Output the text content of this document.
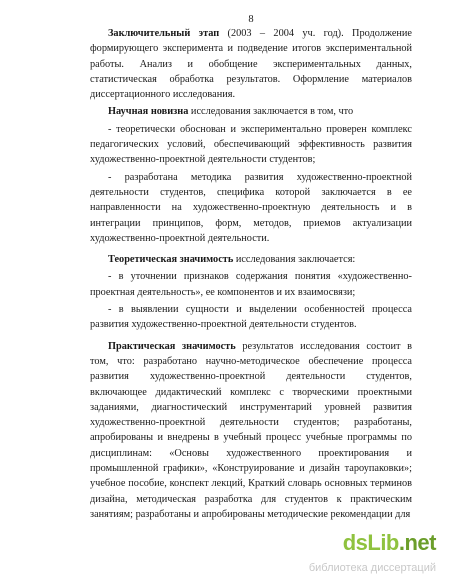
8

Заключительный этап (2003 – 2004 уч. год). Продолжение формирующего эксперимента и подведение итогов экспериментальной работы. Анализ и обобщение экспериментальных данных, статистическая обработка результатов. Оформление материалов диссертационного исследования.

Научная новизна исследования заключается в том, что

- теоретически обоснован и экспериментально проверен комплекс педагогических условий, обеспечивающий эффективность развития художественно-проектной деятельности студентов;

- разработана методика развития художественно-проектной деятельности студентов, специфика которой заключается в ее направленности на художественно-проектную деятельность и в интеграции принципов, форм, методов, приемов актуализации художественно-проектной деятельности.

Теоретическая значимость исследования заключается:

- в уточнении признаков содержания понятия «художественно-проектная деятельность», ее компонентов и их взаимосвязи;

- в выявлении сущности и выделении особенностей процесса развития художественно-проектной деятельности студентов.

Практическая значимость результатов исследования состоит в том, что: разработано научно-методическое обеспечение процесса развития художественно-проектной деятельности студентов, включающее дидактический комплекс с творческими проектными заданиями, диагностический инструментарий уровней развития художественно-проектной деятельности студентов; разработаны, апробированы и внедрены в учебный процесс учебные программы по дисциплинам: «Основы художественного проектирования и промышленной графики», «Конструирование и дизайн тароупаковки»; учебное пособие, конспект лекций, Краткий словарь основных терминов дизайна, методическая разработка для студентов к практическим занятиям; разработаны и апробированы методические рекомендации для

dsLib.net
библиотека диссертаций
